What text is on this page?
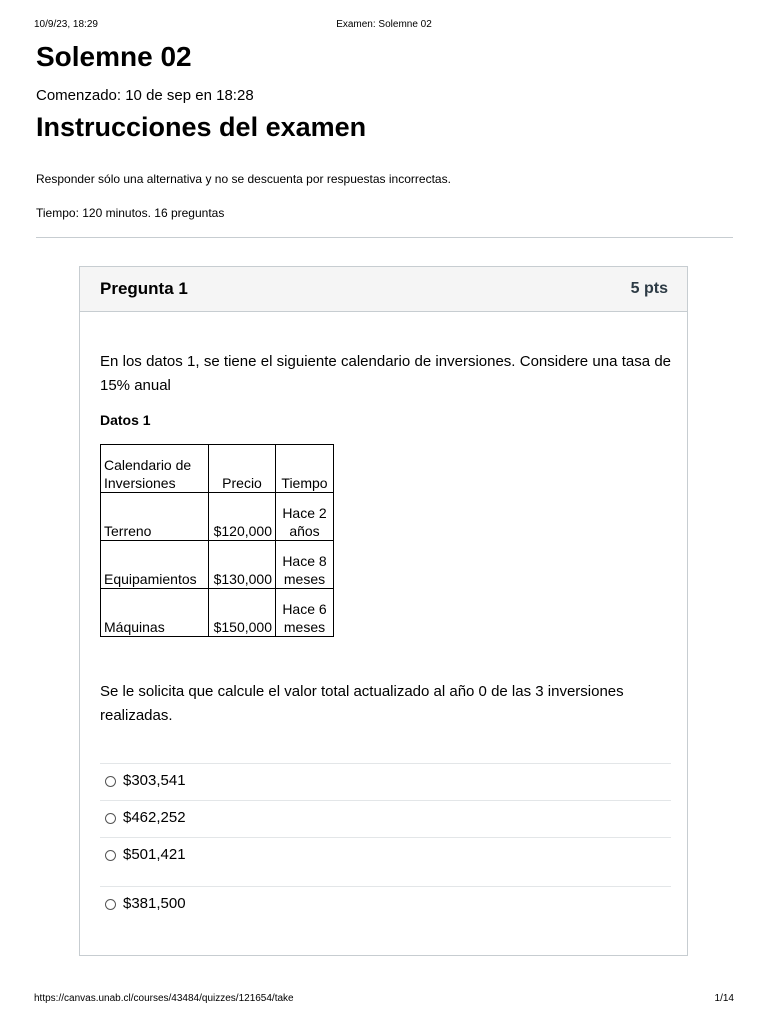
10/9/23, 18:29	Examen: Solemne 02
Solemne 02
Comenzado: 10 de sep en 18:28
Instrucciones del examen
Responder sólo una alternativa y no se descuenta por respuestas incorrectas.
Tiempo: 120 minutos. 16 preguntas
Pregunta 1	5 pts
En los datos 1, se tiene el siguiente calendario de inversiones. Considere una tasa de 15% anual
Datos 1
Calendario de Inversiones	Precio	Tiempo
Terreno	$120,000	Hace 2 años
Equipamientos	$130,000	Hace 8 meses
Máquinas	$150,000	Hace 6 meses
Se le solicita que calcule el valor total actualizado al año 0 de las 3 inversiones realizadas.
$303,541
$462,252
$501,421
$381,500
https://canvas.unab.cl/courses/43484/quizzes/121654/take	1/14
